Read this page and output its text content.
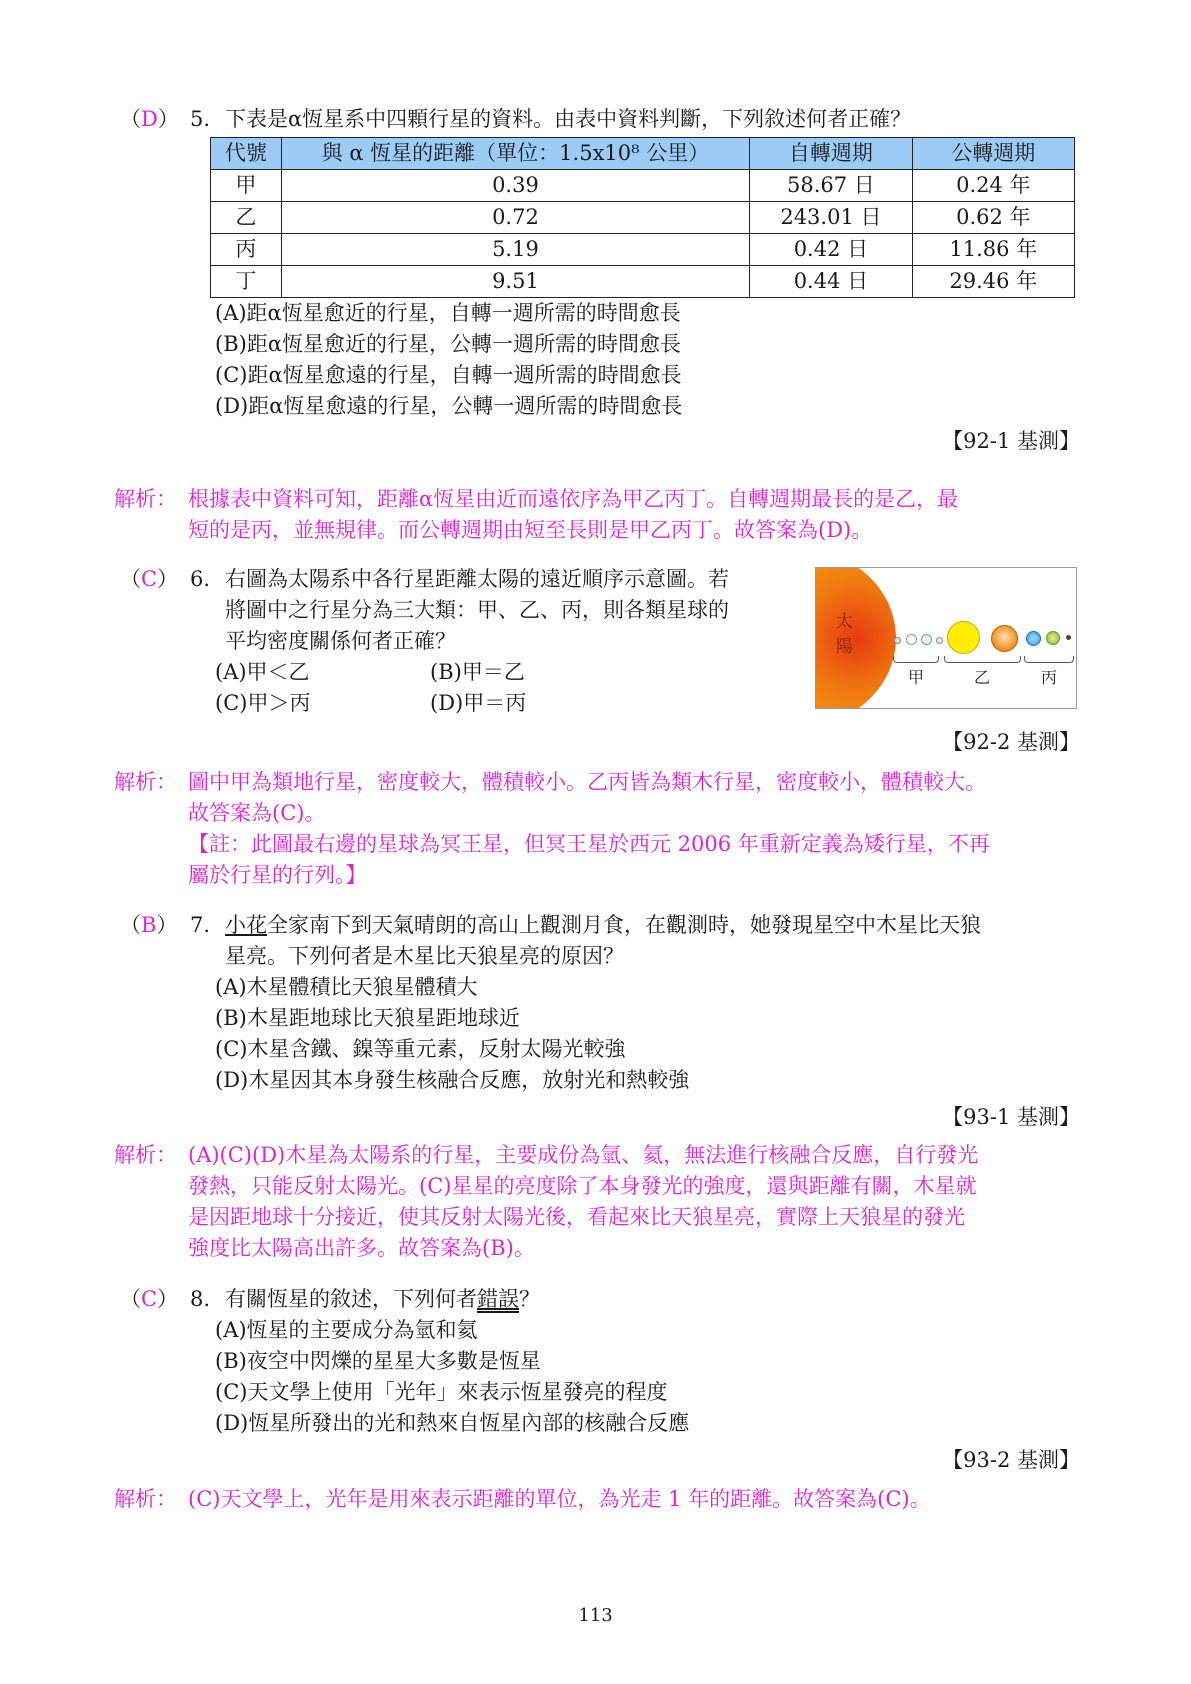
（D） 5. 下表是α恆星系中四顆行星的資料。由表中資料判斷，下列敘述何者正確？
代號	與 α 恆星的距離（單位：1.5x10⁸ 公里）	自轉週期	公轉週期
甲	0.39	58.67 日	0.24 年
乙	0.72	243.01 日	0.62 年
丙	5.19	0.42 日	11.86 年
丁	9.51	0.44 日	29.46 年
(A)距α恆星愈近的行星，自轉一週所需的時間愈長
(B)距α恆星愈近的行星，公轉一週所需的時間愈長
(C)距α恆星愈遠的行星，自轉一週所需的時間愈長
(D)距α恆星愈遠的行星，公轉一週所需的時間愈長
【92-1 基測】
解析： 根據表中資料可知，距離α恆星由近而遠依序為甲乙丙丁。自轉週期最長的是乙，最
短的是丙，並無規律。而公轉週期由短至長則是甲乙丙丁。故答案為(D)。
（C） 6. 右圖為太陽系中各行星距離太陽的遠近順序示意圖。若
將圖中之行星分為三大類：甲、乙、丙，則各類星球的
平均密度關係何者正確？
(A)甲＜乙	(B)甲＝乙
(C)甲＞丙	(D)甲＝丙
【92-2 基測】
太陽
甲	乙	丙
解析： 圖中甲為類地行星，密度較大，體積較小。乙丙皆為類木行星，密度較小，體積較大。
故答案為(C)。
【註：此圖最右邊的星球為冥王星，但冥王星於西元 2006 年重新定義為矮行星，不再
屬於行星的行列。】
（B） 7. 小花全家南下到天氣晴朗的高山上觀測月食，在觀測時，她發現星空中木星比天狼
星亮。下列何者是木星比天狼星亮的原因？
(A)木星體積比天狼星體積大
(B)木星距地球比天狼星距地球近
(C)木星含鐵、鎳等重元素，反射太陽光較強
(D)木星因其本身發生核融合反應，放射光和熱較強
【93-1 基測】
解析： (A)(C)(D)木星為太陽系的行星，主要成份為氫、氦，無法進行核融合反應，自行發光
發熱，只能反射太陽光。(C)星星的亮度除了本身發光的強度，還與距離有關，木星就
是因距地球十分接近，使其反射太陽光後，看起來比天狼星亮，實際上天狼星的發光
強度比太陽高出許多。故答案為(B)。
（C） 8. 有關恆星的敘述，下列何者錯誤？
(A)恆星的主要成分為氫和氦
(B)夜空中閃爍的星星大多數是恆星
(C)天文學上使用「光年」來表示恆星發亮的程度
(D)恆星所發出的光和熱來自恆星內部的核融合反應
【93-2 基測】
解析： (C)天文學上，光年是用來表示距離的單位，為光走 1 年的距離。故答案為(C)。
113
